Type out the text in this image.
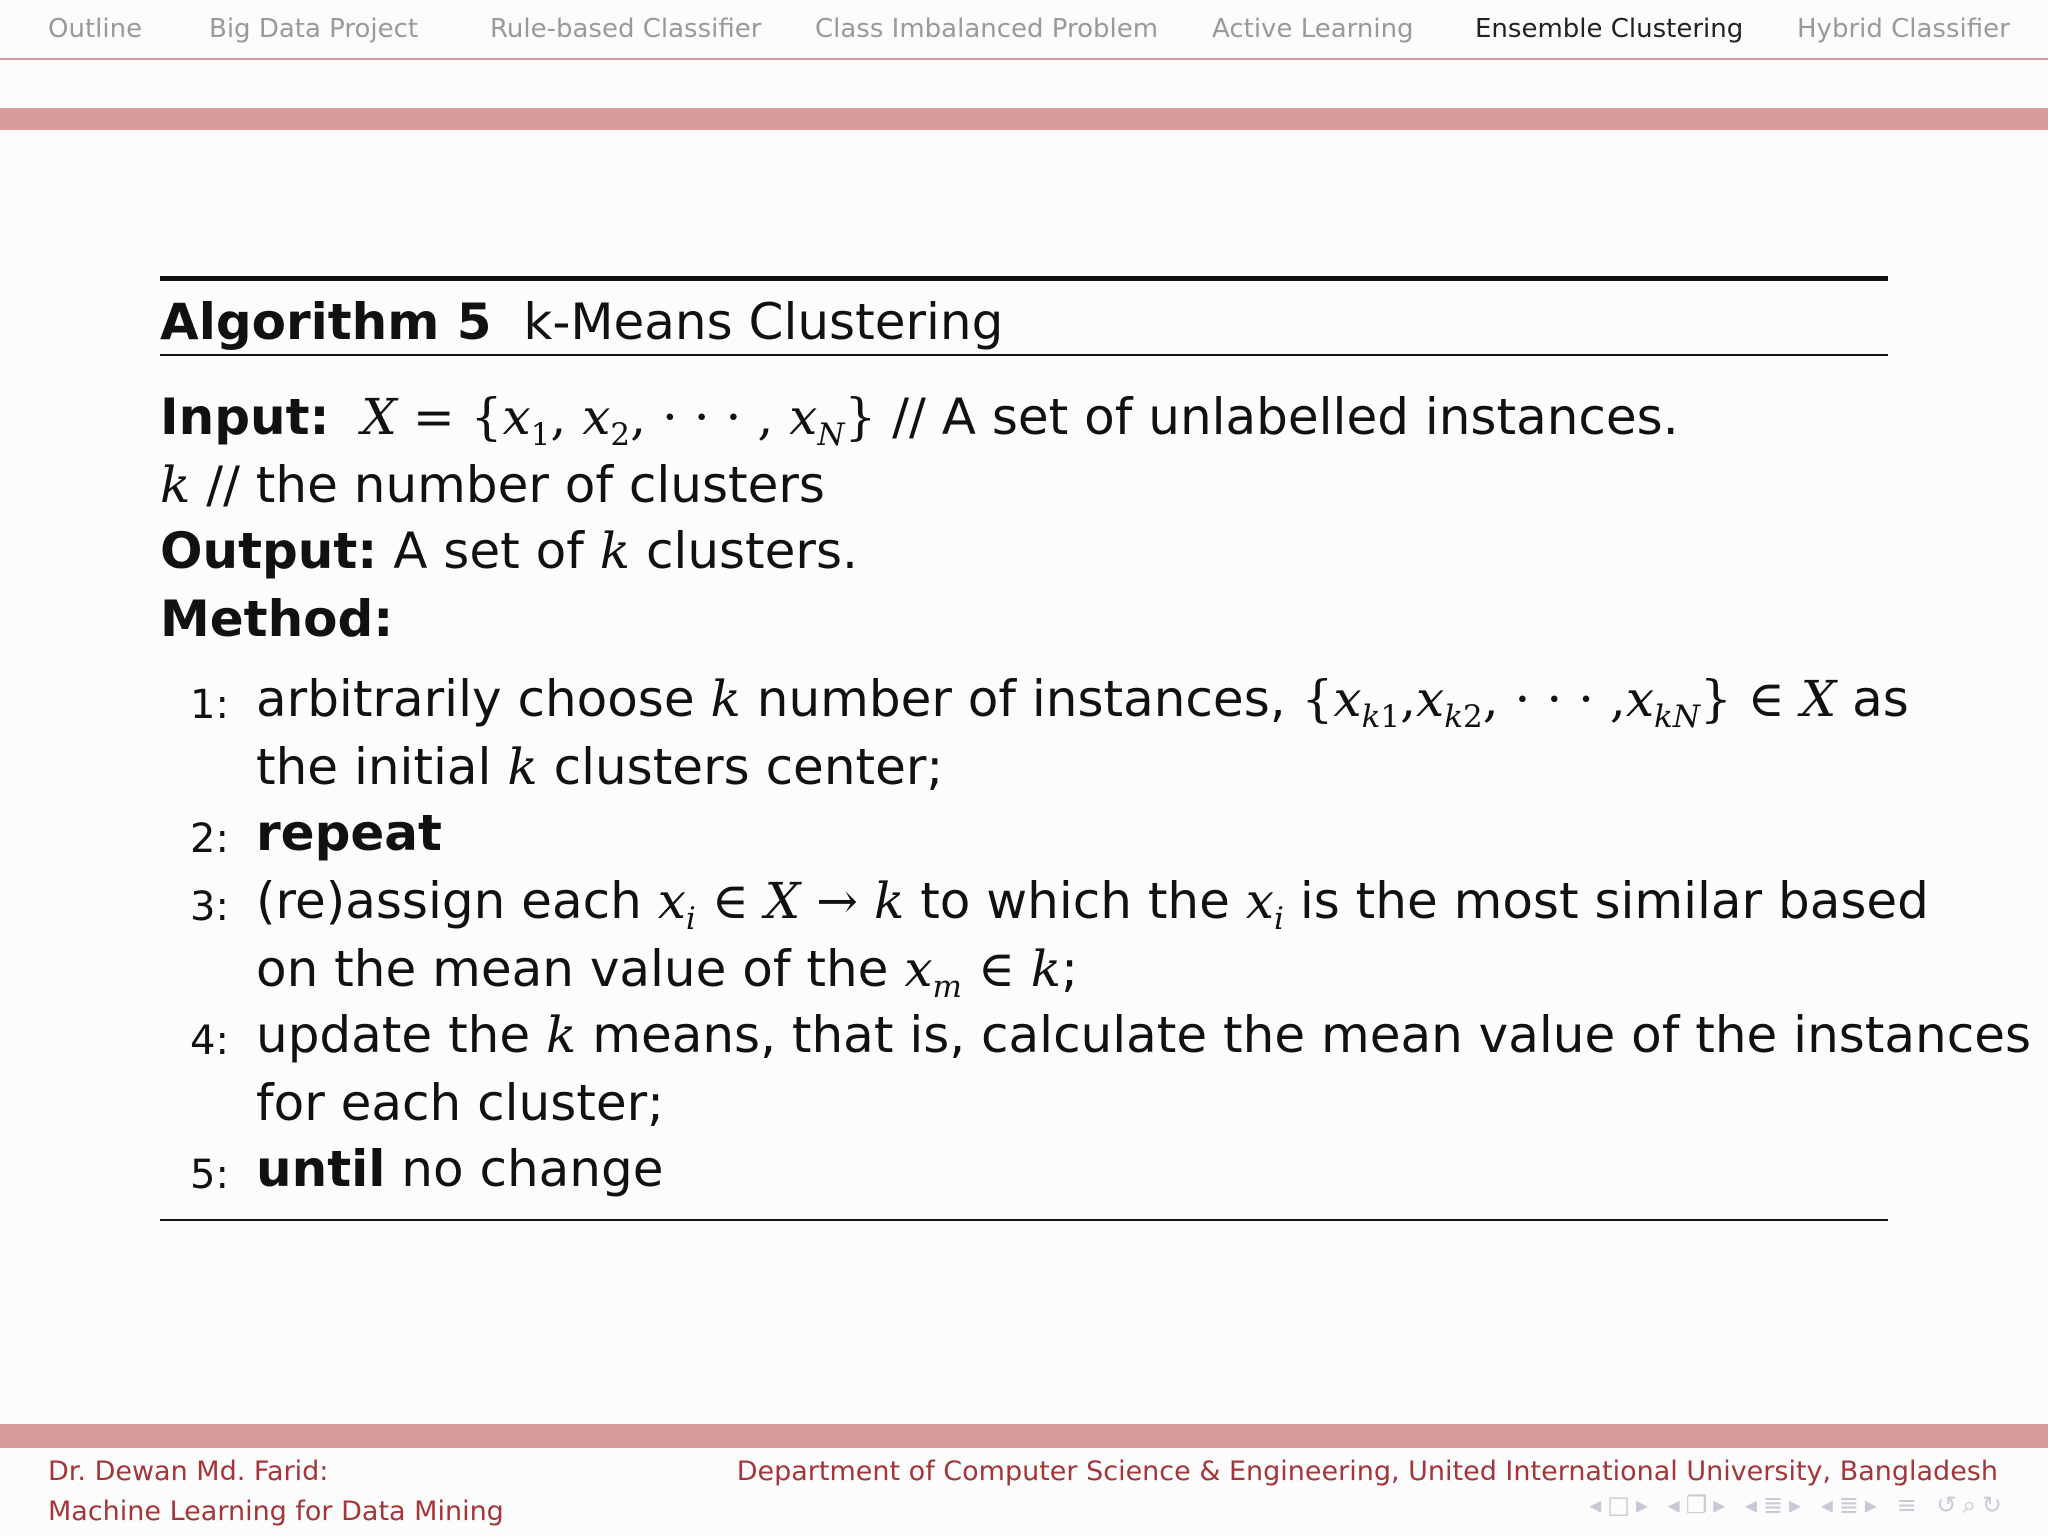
Outline	Big Data Project	Rule-based Classifier Class Imbalanced Problem Active Learning Ensemble Clustering Hybrid Classifier
Algorithm 5 k-Means Clustering
Input: $X = \{x_1$, $x_2$, · · · , $x_N$} // A set of unlabelled instances.
k // the number of clusters
Output: A set of k clusters.
Method:
1: arbitrarily choose k number of instances, {$x_{k1},x_{k2}$, · · · $,x_{kN}$} ∈ X as
the initial k clusters center;
2: repeat
3: (re)assign each $x_i$ ∈ X → k to which the $x_i$ is the most similar based
on the mean value of the $x_m$ ∈ k;
4: update the k means, that is, calculate the mean value of the instances
for each cluster;
5: until no change
Dr. Dewan Md. Farid:
Machine Learning for Data Mining
Department of Computer Science & Engineering, United International University, Bangladesh
◂□▸ ◂❐▸ ◂≣▸ ◂≣▸ ≡ ↺⌕↻
